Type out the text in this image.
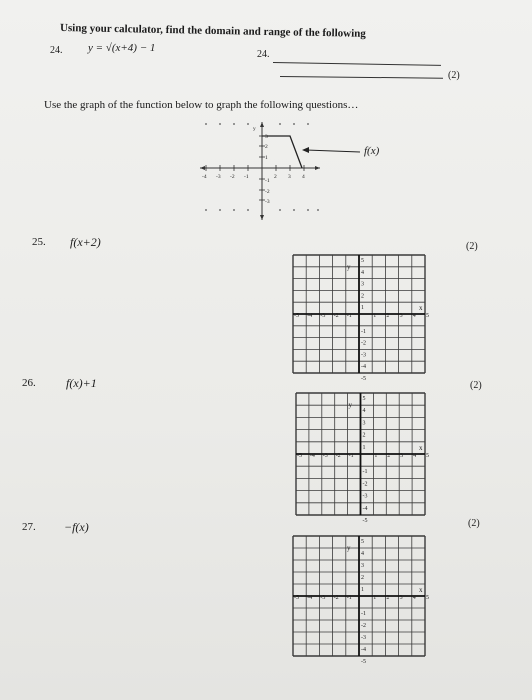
Using your calculator, find the domain and range of the following
24. y = √(x+4) − 1
24.
(2)
Use the graph of the function below to graph the following questions…
y
-4 -3 -2 -1	2 3 4
3
2
1
-1
-2
-3
f(x)
25. f(x+2)	(2)
y
x
5
4
3
2
1
-1
-2
-3
-4
-5
-5 -4 -3 -2 -1	1 2 3 4 5
26.	f(x)+1	(2)
y
x
5
4
3
2
1
-1
-2
-3
-4
-5
-5 -4 -3 -2 -1	1 2 3 4 5
27. −f(x)	(2)
y
x
5
4
3
2
1
-1
-2
-3
-4
-5
-5 -4 -3 -2 -1	1 2 3 4 5
